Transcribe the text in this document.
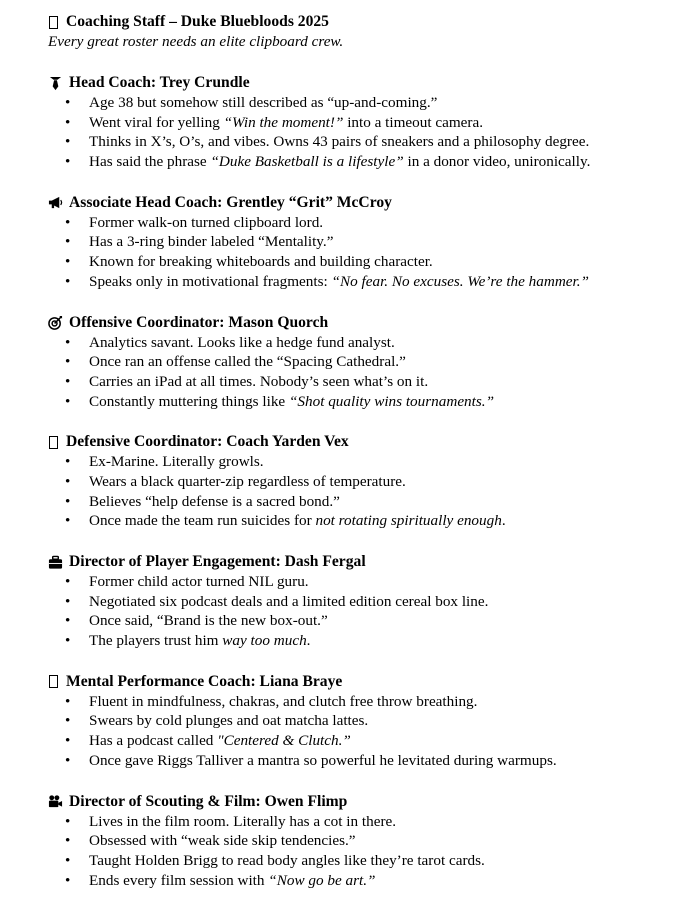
Coaching Staff – Duke Bluebloods 2025
Every great roster needs an elite clipboard crew.
Head Coach: Trey Crundle
• Age 38 but somehow still described as “up-and-coming.”
• Went viral for yelling “Win the moment!” into a timeout camera.
• Thinks in X’s, O’s, and vibes. Owns 43 pairs of sneakers and a philosophy degree.
• Has said the phrase “Duke Basketball is a lifestyle” in a donor video, unironically.
Associate Head Coach: Grentley “Grit” McCroy
• Former walk-on turned clipboard lord.
• Has a 3-ring binder labeled “Mentality.”
• Known for breaking whiteboards and building character.
• Speaks only in motivational fragments: “No fear. No excuses. We’re the hammer.”
Offensive Coordinator: Mason Quorch
• Analytics savant. Looks like a hedge fund analyst.
• Once ran an offense called the “Spacing Cathedral.”
• Carries an iPad at all times. Nobody’s seen what’s on it.
• Constantly muttering things like “Shot quality wins tournaments.”
Defensive Coordinator: Coach Yarden Vex
• Ex-Marine. Literally growls.
• Wears a black quarter-zip regardless of temperature.
• Believes “help defense is a sacred bond.”
• Once made the team run suicides for not rotating spiritually enough.
Director of Player Engagement: Dash Fergal
• Former child actor turned NIL guru.
• Negotiated six podcast deals and a limited edition cereal box line.
• Once said, “Brand is the new box-out.”
• The players trust him way too much.
Mental Performance Coach: Liana Braye
• Fluent in mindfulness, chakras, and clutch free throw breathing.
• Swears by cold plunges and oat matcha lattes.
• Has a podcast called "Centered & Clutch.”
• Once gave Riggs Talliver a mantra so powerful he levitated during warmups.
Director of Scouting & Film: Owen Flimp
• Lives in the film room. Literally has a cot in there.
• Obsessed with “weak side skip tendencies.”
• Taught Holden Brigg to read body angles like they’re tarot cards.
• Ends every film session with “Now go be art.”
